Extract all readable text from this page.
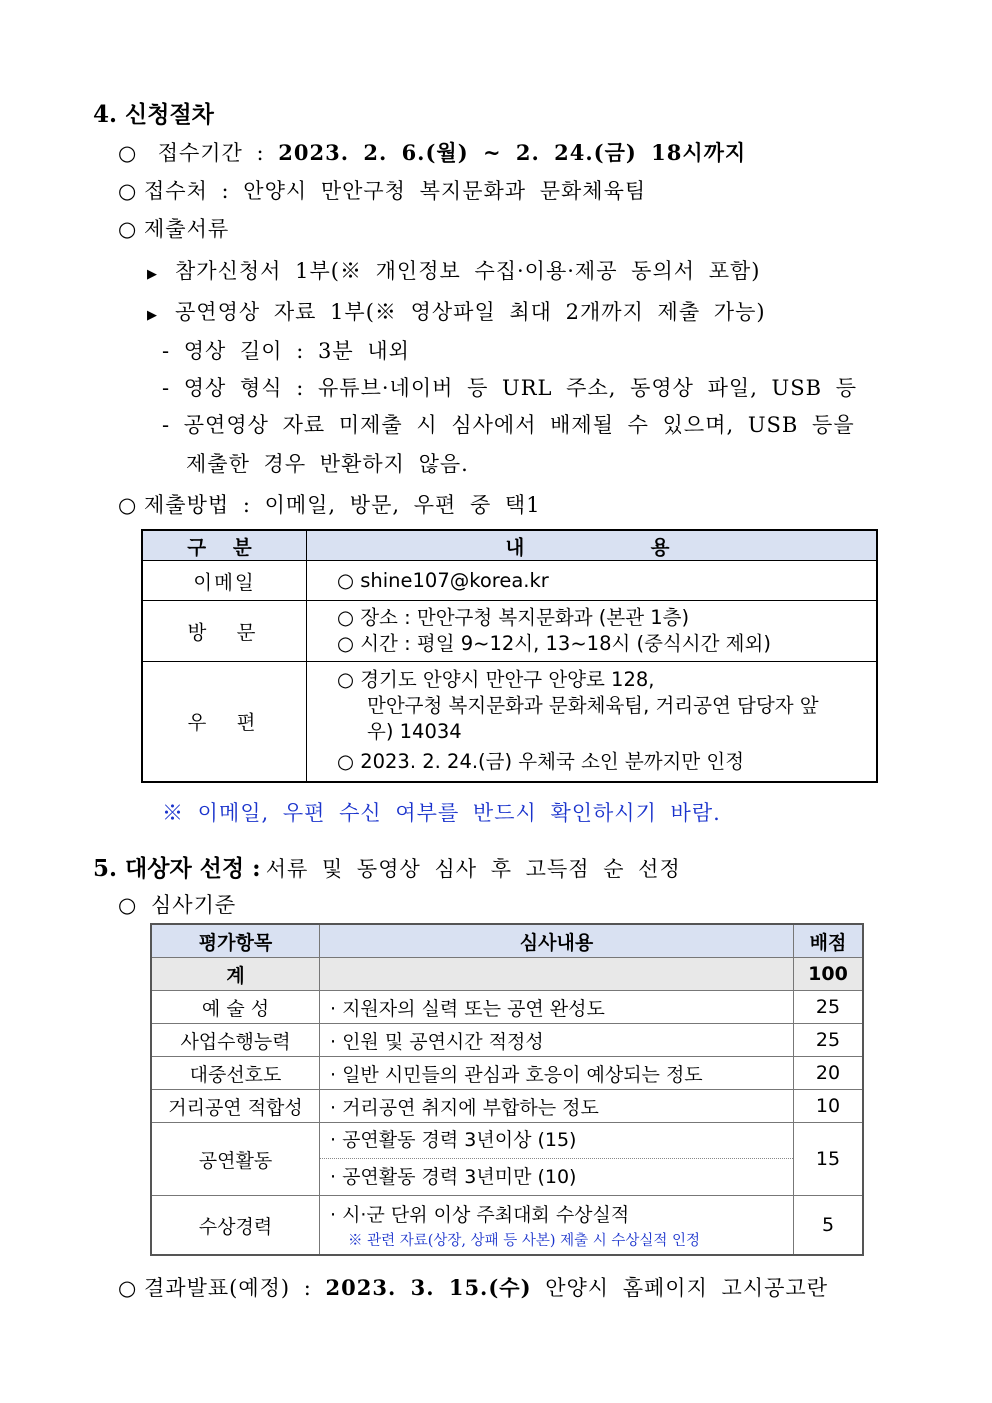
4. 신청절차
○ 접수기간 : 2023. 2. 6.(월) ~ 2. 24.(금) 18시까지
○ 접수처 : 안양시 만안구청 복지문화과 문화체육팀
○ 제출서류
▶ 참가신청서 1부(※ 개인정보 수집·이용·제공 동의서 포함)
▶ 공연영상 자료 1부(※ 영상파일 최대 2개까지 제출 가능)
- 영상 길이 : 3분 내외
- 영상 형식 : 유튜브·네이버 등 URL 주소, 동영상 파일, USB 등
- 공연영상 자료 미제출 시 심사에서 배제될 수 있으며, USB 등을
제출한 경우 반환하지 않음.
○ 제출방법 : 이메일, 방문, 우편 중 택1
구 분	내        용
이메일	○ shine107@korea.kr
방  문	○ 장소 : 만안구청 복지문화과 (본관 1층)
○ 시간 : 평일 9~12시, 13~18시 (중식시간 제외)

우  편	○ 경기도 안양시 만안구 안양로 128,
만안구청 복지문화과 문화체육팀, 거리공연 담당자 앞
우) 14034
○ 2023. 2. 24.(금) 우체국 소인 분까지만 인정
※ 이메일, 우편 수신 여부를 반드시 확인하시기 바람.
5. 대상자 선정 : 서류 및 동영상 심사 후 고득점 순 선정
○ 심사기준
평가항목	심사내용	배점
계		100
예 술 성	· 지원자의 실력 또는 공연 완성도	25
사업수행능력	· 인원 및 공연시간 적정성	25
대중선호도	· 일반 시민들의 관심과 호응이 예상되는 정도	20
거리공연 적합성	· 거리공연 취지에 부합하는 정도	10
공연활동	· 공연활동 경력 3년이상 (15)
· 공연활동 경력 3년미만 (10)	15
수상경력	· 시·군 단위 이상 주최대회 수상실적
※ 관련 자료(상장, 상패 등 사본) 제출 시 수상실적 인정	5
○ 결과발표(예정) : 2023. 3. 15.(수) 안양시 홈페이지 고시공고란
